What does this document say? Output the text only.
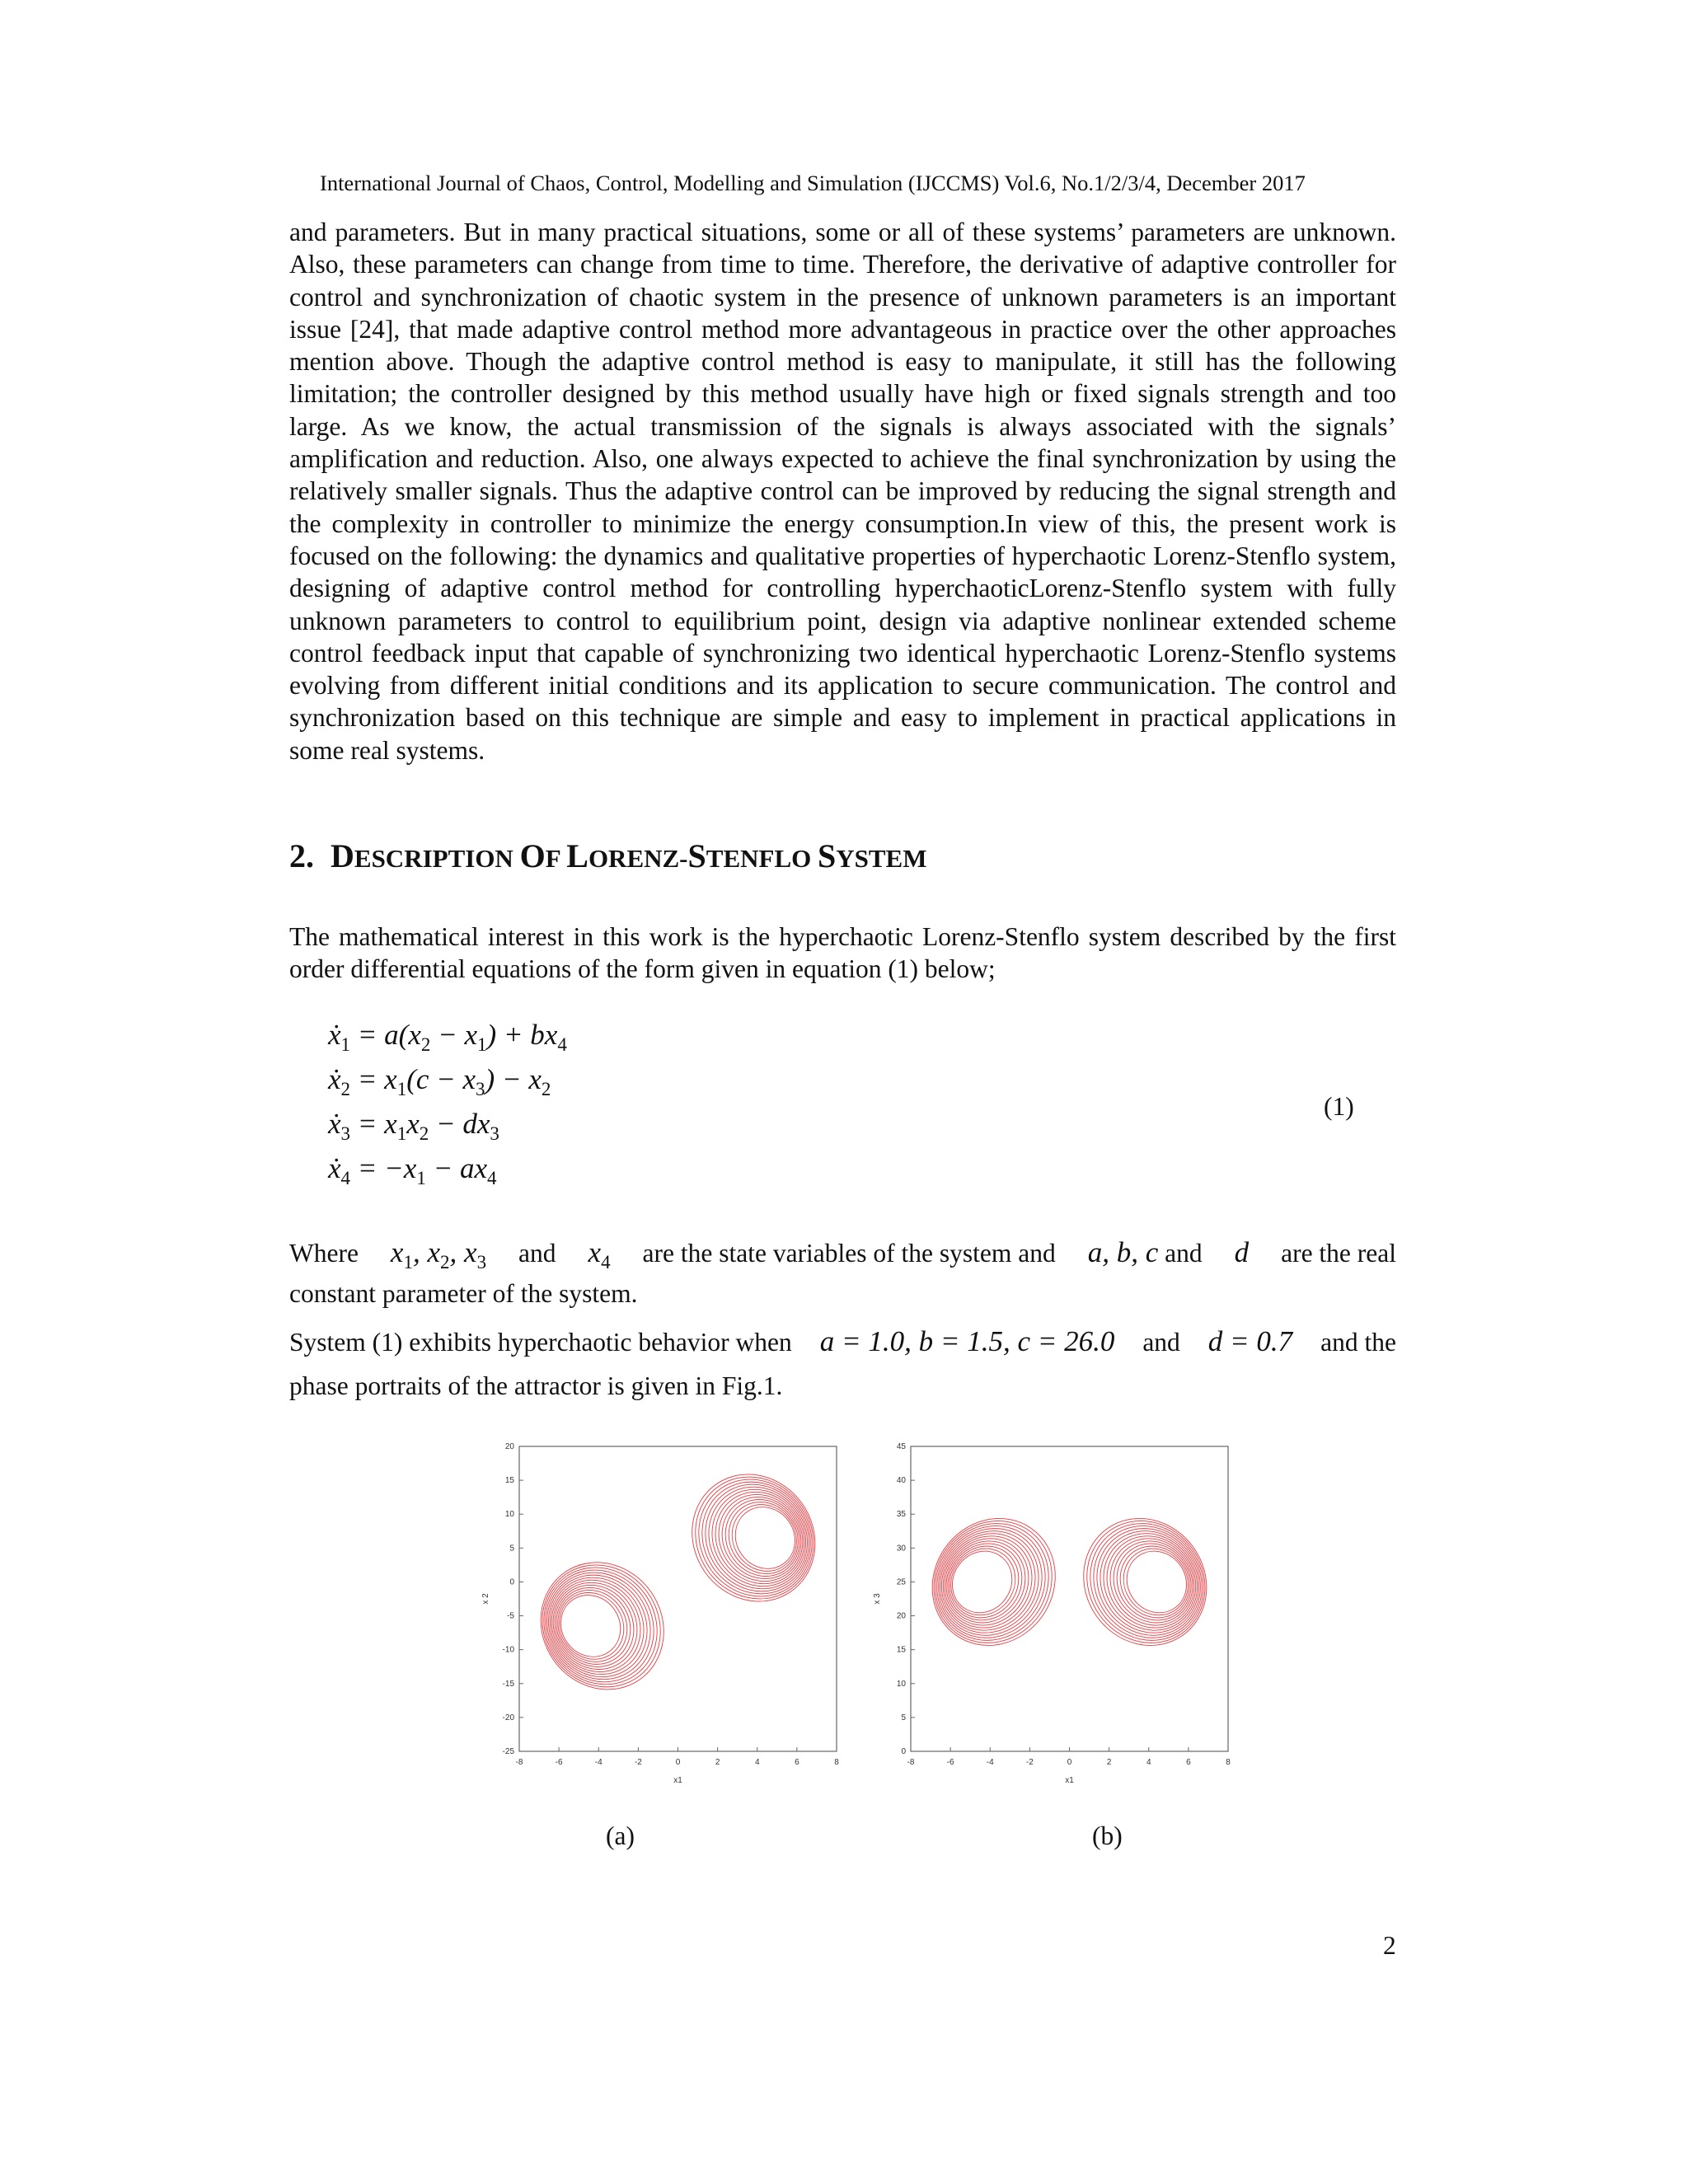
International Journal of Chaos, Control, Modelling and Simulation (IJCCMS) Vol.6, No.1/2/3/4, December 2017

and parameters. But in many practical situations, some or all of these systems’ parameters are unknown. Also, these parameters can change from time to time. Therefore, the derivative of adaptive controller for control and synchronization of chaotic system in the presence of unknown parameters is an important issue [24], that made adaptive control method more advantageous in practice over the other approaches mention above. Though the adaptive control method is easy to manipulate, it still has the following limitation; the controller designed by this method usually have high or fixed signals strength and too large. As we know, the actual transmission of the signals is always associated with the signals’ amplification and reduction. Also, one always expected to achieve the final synchronization by using the relatively smaller signals. Thus the adaptive control can be improved by reducing the signal strength and the complexity in controller to minimize the energy consumption.In view of this, the present work is focused on the following: the dynamics and qualitative properties of hyperchaotic Lorenz-Stenflo system, designing of adaptive control method for controlling hyperchaoticLorenz-Stenflo system with fully unknown parameters to control to equilibrium point, design via adaptive nonlinear extended scheme control feedback input that capable of synchronizing two identical hyperchaotic Lorenz-Stenflo systems evolving from different initial conditions and its application to secure communication. The control and synchronization based on this technique are simple and easy to implement in practical applications in some real systems.

2. DESCRIPTION OF LORENZ-STENFLO SYSTEM

The mathematical interest in this work is the hyperchaotic Lorenz-Stenflo system described by the first order differential equations of the form given in equation (1) below;

ẋ$_1$ = $a(x_2 - x_1) + bx_4$
ẋ$_2$ = $x_1(c - x_3) - x_2$
ẋ$_3$ = $x_1x_2 - dx_3$
ẋ$_4$ = $-x_1 - ax_4$
(1)
Where $x_1$, $x_2$, $x_3$ and $x_4$ are the state variables of the system and a, b, c and d are the real
constant parameter of the system.
System (1) exhibits hyperchaotic behavior when a = 1.0, b = 1.5, c = 26.0 and d = 0.7 and the
phase portraits of the attractor is given in Fig.1.
-8	-6	-4	-2	0	2	4	6	8
-25
-20
-15
-10
-5
0
5
10
15
20
x1
x 2
-8	-6	-4	-2	0	2	4	6	8
0
5
10
15
20
25
30
35
40
45
x1
x 3
(a)	(b)
2
